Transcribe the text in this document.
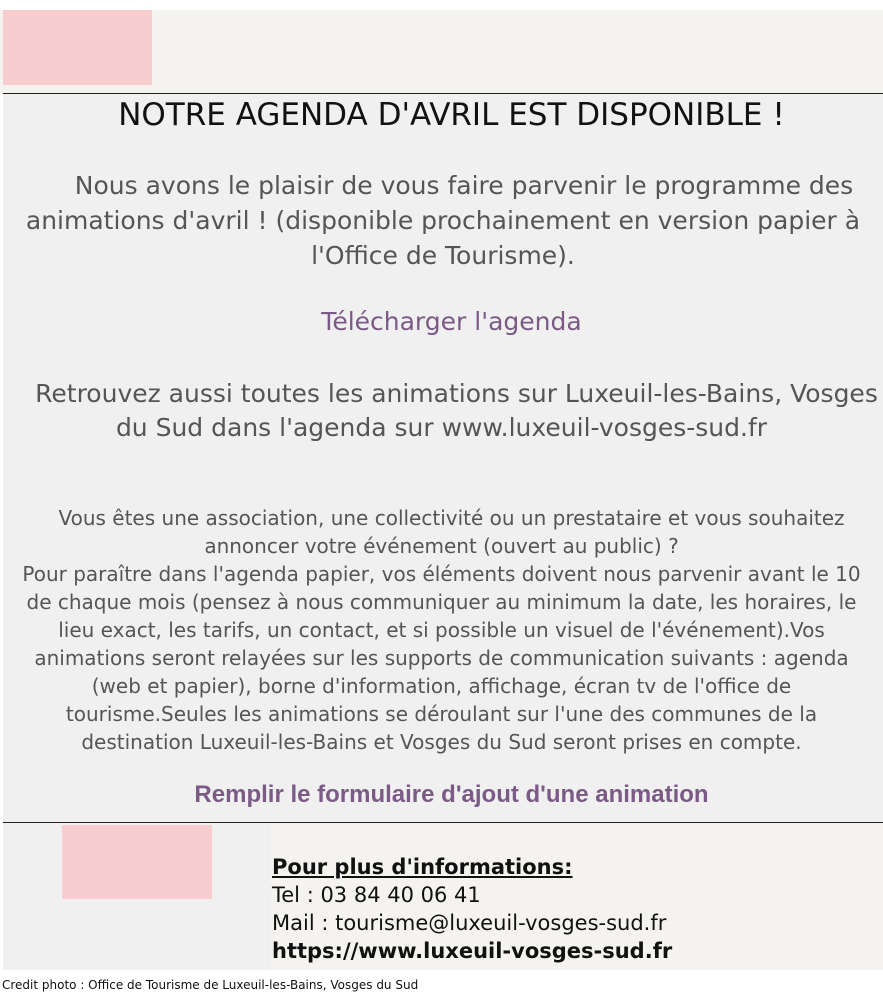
NOTRE AGENDA D'AVRIL EST DISPONIBLE !
Nous avons le plaisir de vous faire parvenir le programme des
animations d'avril ! (disponible prochainement en version papier à
l'Office de Tourisme).
Télécharger l'agenda
Retrouvez aussi toutes les animations sur Luxeuil-les-Bains, Vosges
du Sud dans l'agenda sur www.luxeuil-vosges-sud.fr
Vous êtes une association, une collectivité ou un prestataire et vous souhaitez
annoncer votre événement (ouvert au public) ?
Pour paraître dans l'agenda papier, vos éléments doivent nous parvenir avant le 10
de chaque mois (pensez à nous communiquer au minimum la date, les horaires, le
lieu exact, les tarifs, un contact, et si possible un visuel de l'événement).Vos
animations seront relayées sur les supports de communication suivants : agenda
(web et papier), borne d'information, affichage, écran tv de l'office de
tourisme.Seules les animations se déroulant sur l'une des communes de la
destination Luxeuil-les-Bains et Vosges du Sud seront prises en compte.
Remplir le formulaire d'ajout d'une animation
Pour plus d'informations:
Tel : 03 84 40 06 41
Mail : tourisme@luxeuil-vosges-sud.fr
https://www.luxeuil-vosges-sud.fr
Credit photo : Office de Tourisme de Luxeuil-les-Bains, Vosges du Sud
